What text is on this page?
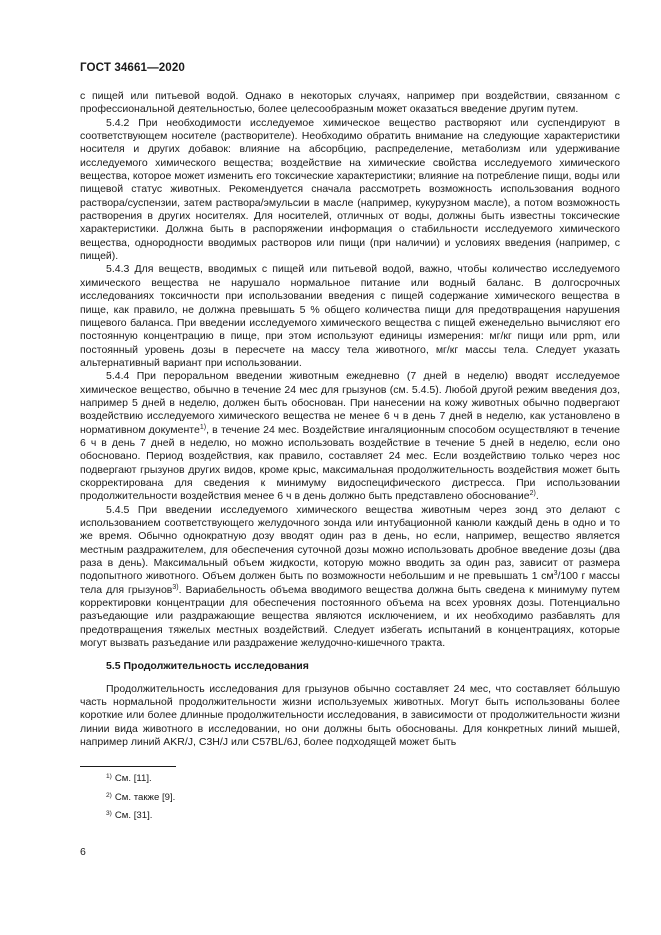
ГОСТ 34661—2020

с пищей или питьевой водой. Однако в некоторых случаях, например при воздействии, связанном с профессиональной деятельностью, более целесообразным может оказаться введение другим путем.

5.4.2 При необходимости исследуемое химическое вещество растворяют или суспендируют в соответствующем носителе (растворителе). Необходимо обратить внимание на следующие характеристики носителя и других добавок: влияние на абсорбцию, распределение, метаболизм или удерживание исследуемого химического вещества; воздействие на химические свойства исследуемого химического вещества, которое может изменить его токсические характеристики; влияние на потребление пищи, воды или пищевой статус животных. Рекомендуется сначала рассмотреть возможность использования водного раствора/суспензии, затем раствора/эмульсии в масле (например, кукурузном масле), а потом возможность растворения в других носителях. Для носителей, отличных от воды, должны быть известны токсические характеристики. Должна быть в распоряжении информация о стабильности исследуемого химического вещества, однородности вводимых растворов или пищи (при наличии) и условиях введения (например, с пищей).

5.4.3 Для веществ, вводимых с пищей или питьевой водой, важно, чтобы количество исследуемого химического вещества не нарушало нормальное питание или водный баланс. В долгосрочных исследованиях токсичности при использовании введения с пищей содержание химического вещества в пище, как правило, не должна превышать 5 % общего количества пищи для предотвращения нарушения пищевого баланса. При введении исследуемого химического вещества с пищей еженедельно вычисляют его постоянную концентрацию в пище, при этом используют единицы измерения: мг/кг пищи или ppm, или постоянный уровень дозы в пересчете на массу тела животного, мг/кг массы тела. Следует указать альтернативный вариант при использовании.

5.4.4 При пероральном введении животным ежедневно (7 дней в неделю) вводят исследуемое химическое вещество, обычно в течение 24 мес для грызунов (см. 5.4.5). Любой другой режим введения доз, например 5 дней в неделю, должен быть обоснован. При нанесении на кожу животных обычно подвергают воздействию исследуемого химического вещества не менее 6 ч в день 7 дней в неделю, как установлено в нормативном документе$^{1)}$, в течение 24 мес. Воздействие ингаляционным способом осуществляют в течение 6 ч в день 7 дней в неделю, но можно использовать воздействие в течение 5 дней в неделю, если оно обосновано. Период воздействия, как правило, составляет 24 мес. Если воздействию только через нос подвергают грызунов других видов, кроме крыс, максимальная продолжительность воздействия может быть скорректирована для сведения к минимуму видоспецифического дистресса. При использовании продолжительности воздействия менее 6 ч в день должно быть представлено обоснование$^{2)}$.

5.4.5 При введении исследуемого химического вещества животным через зонд это делают с использованием соответствующего желудочного зонда или интубационной канюли каждый день в одно и то же время. Обычно однократную дозу вводят один раз в день, но если, например, вещество является местным раздражителем, для обеспечения суточной дозы можно использовать дробное введение дозы (два раза в день). Максимальный объем жидкости, которую можно вводить за один раз, зависит от размера подопытного животного. Объем должен быть по возможности небольшим и не превышать 1 $см^3/100$ г массы тела для грызунов$^{3)}$. Вариабельность объема вводимого вещества должна быть сведена к минимуму путем корректировки концентрации для обеспечения постоянного объема на всех уровнях дозы. Потенциально разъедающие или раздражающие вещества являются исключением, и их необходимо разбавлять для предотвращения тяжелых местных воздействий. Следует избегать испытаний в концентрациях, которые могут вызвать разъедание или раздражение желудочно-кишечного тракта.

5.5 Продолжительность исследования

Продолжительность исследования для грызунов обычно составляет 24 мес, что составляет бо́льшую часть нормальной продолжительности жизни используемых животных. Могут быть использованы более короткие или более длинные продолжительности исследования, в зависимости от продолжительности жизни линии вида животного в исследовании, но они должны быть обоснованы. Для конкретных линий мышей, например линий AKR/J, C3H/J или C57BL/6J, более подходящей может быть

$^{1)}$ См. [11].
$^{2)}$ См. также [9].
$^{3)}$ См. [31].
6
